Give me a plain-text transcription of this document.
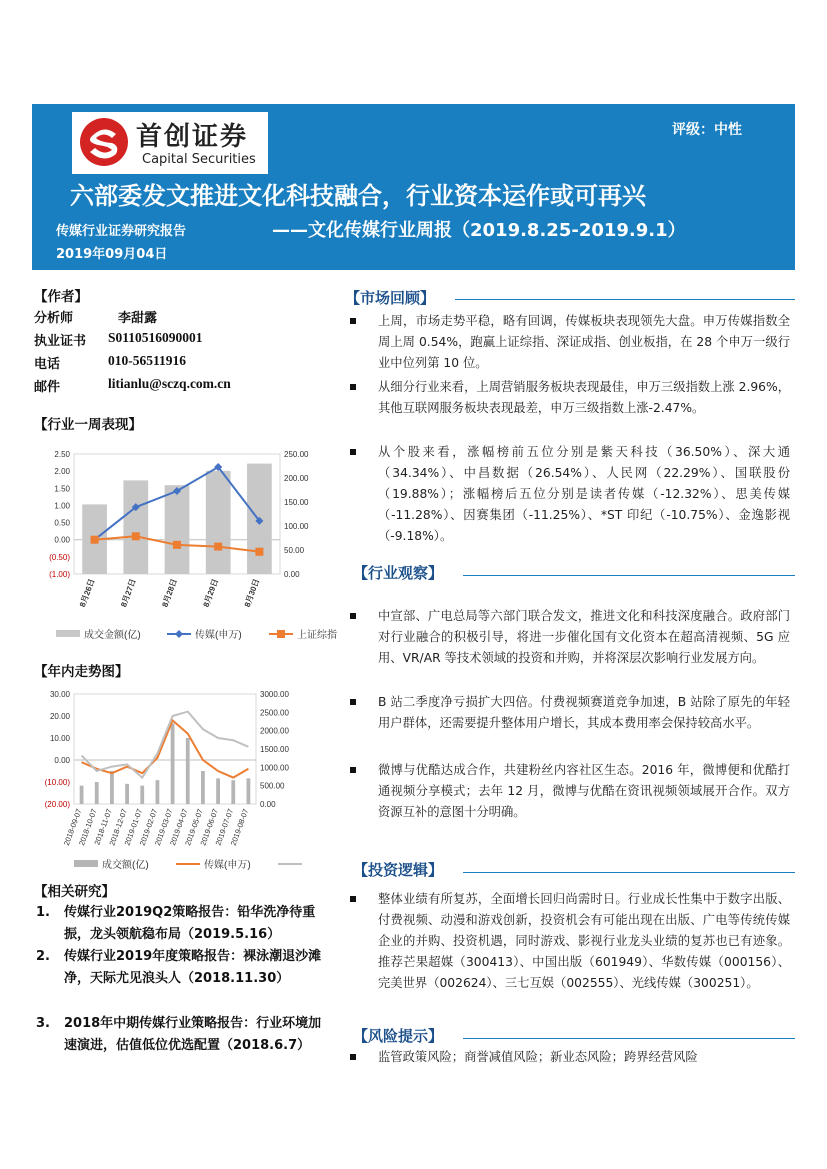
首创证券
Capital Securities
评级：中性
六部委发文推进文化科技融合，行业资本运作或可再兴
传媒行业证券研究报告	——文化传媒行业周报（2019.8.25-2019.9.1）
2019年09月04日
【作者】
分析师	李甜露
执业证书 S0110516090001
电话	010-56511916
邮件	litianlu@sczq.com.cn
【行业一周表现】
2.50
2.00
1.50
1.00
0.50
0.00
(0.50)
(1.00)
250.00
200.00
150.00
100.00
50.00
0.00
8月26日	8月27日	8月28日	8月29日	8月30日
成交金额(亿)	传媒(申万)	上证综指
【年内走势图】
30.00
20.00
10.00
0.00
(10.00)
(20.00)
3000.00
2500.00
2000.00
1500.00
1000.00
500.00
0.00
2018-09-07
2018-10-07
2018-11-07
2018-12-07
2019-01-07
2019-02-07
2019-03-07
2019-04-07
2019-05-07
2019-06-07
2019-07-07
2019-08-07
成交额(亿)	传媒(申万)
【相关研究】
1. 传媒行业2019Q2策略报告：铅华洗净待重振，龙头领航稳布局（2019.5.16）
2. 传媒行业2019年度策略报告：裸泳潮退沙滩净，天际尤见浪头人（2018.11.30）
3. 2018年中期传媒行业策略报告：行业环境加速演进，估值低位优选配置（2018.6.7）
【市场回顾】
上周，市场走势平稳，略有回调，传媒板块表现领先大盘。申万传媒指数全周上周 0.54%，跑赢上证综指、深证成指、创业板指，在 28 个申万一级行业中位列第 10 位。
从细分行业来看，上周营销服务板块表现最佳，申万三级指数上涨 2.96%，其他互联网服务板块表现最差，申万三级指数上涨-2.47%。
从个股来看，涨幅榜前五位分别是紫天科技（36.50%）、深大通（34.34%）、中昌数据（26.54%）、人民网（22.29%）、国联股份（19.88%）；涨幅榜后五位分别是读者传媒（-12.32%）、思美传媒（-11.28%）、因赛集团（-11.25%）、*ST 印纪（-10.75%）、金逸影视（-9.18%）。
【行业观察】
中宣部、广电总局等六部门联合发文，推进文化和科技深度融合。政府部门对行业融合的积极引导，将进一步催化国有文化资本在超高清视频、5G 应用、VR/AR 等技术领域的投资和并购，并将深层次影响行业发展方向。
B 站二季度净亏损扩大四倍。付费视频赛道竞争加速，B 站除了原先的年轻用户群体，还需要提升整体用户增长，其成本费用率会保持较高水平。
微博与优酷达成合作，共建粉丝内容社区生态。2016 年，微博便和优酷打通视频分享模式；去年 12 月，微博与优酷在资讯视频领域展开合作。双方资源互补的意图十分明确。
【投资逻辑】
整体业绩有所复苏，全面增长回归尚需时日。行业成长性集中于数字出版、付费视频、动漫和游戏创新，投资机会有可能出现在出版、广电等传统传媒企业的并购、投资机遇，同时游戏、影视行业龙头业绩的复苏也已有迹象。推荐芒果超媒（300413）、中国出版（601949）、华数传媒（000156）、完美世界（002624）、三七互娱（002555）、光线传媒（300251）。
【风险提示】
监管政策风险；商誉减值风险；新业态风险；跨界经营风险
